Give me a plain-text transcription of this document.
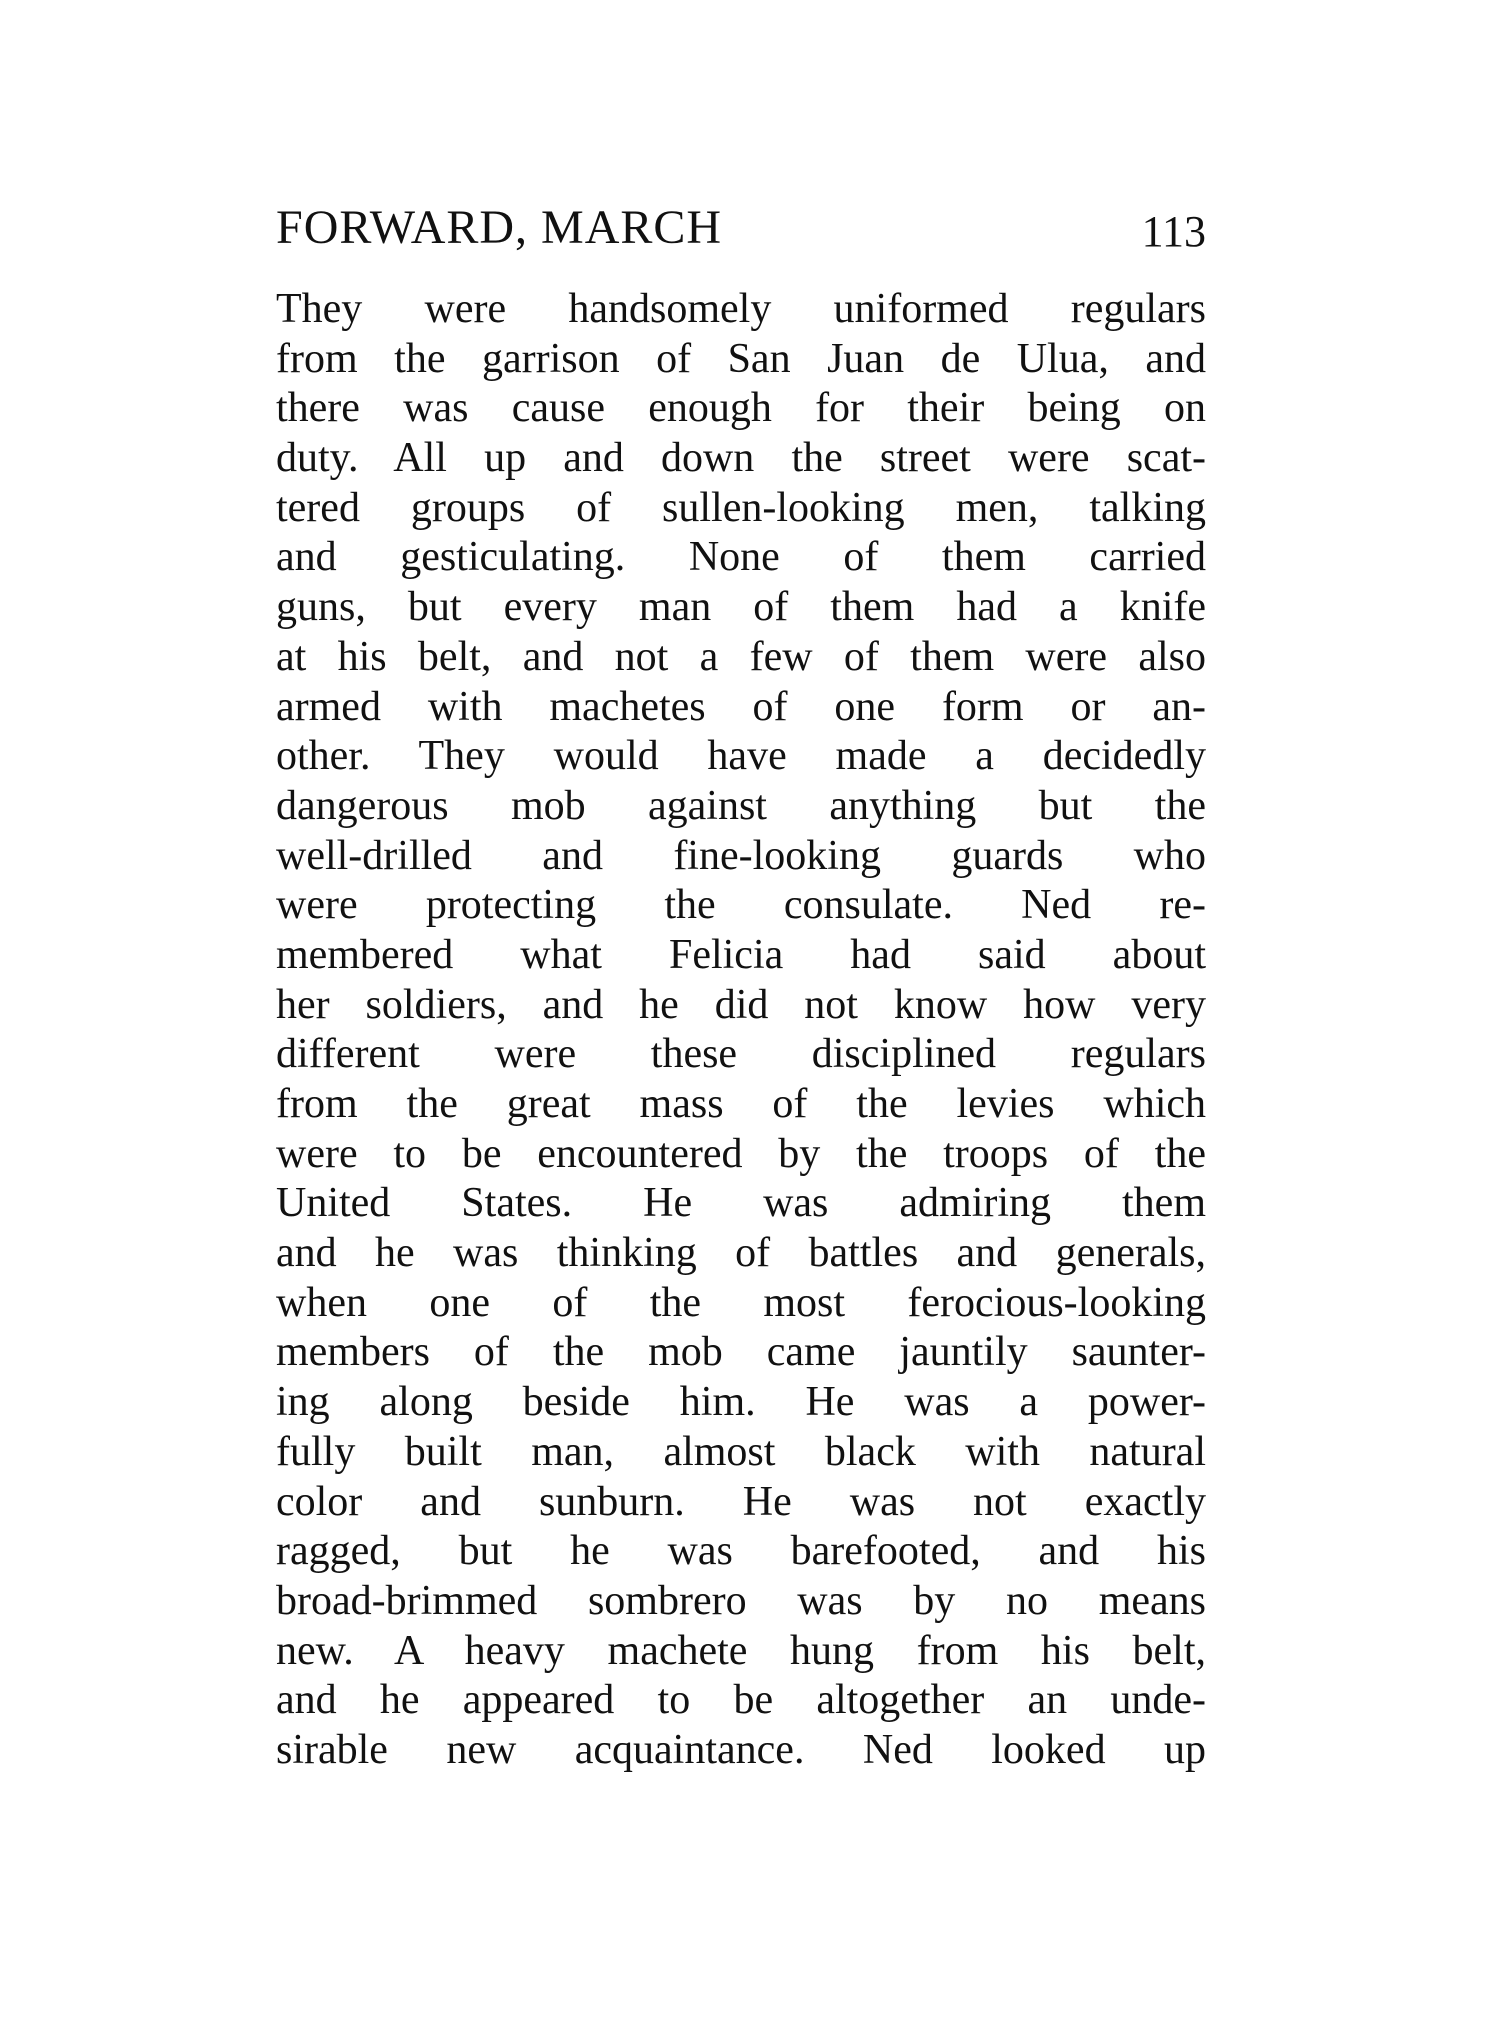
FORWARD, MARCH	113
They were handsomely uniformed regulars
from the garrison of San Juan de Ulua, and
there was cause enough for their being on
duty. All up and down the street were scat-
tered groups of sullen-looking men, talking
and gesticulating. None of them carried
guns, but every man of them had a knife
at his belt, and not a few of them were also
armed with machetes of one form or an-
other. They would have made a decidedly
dangerous mob against anything but the
well-drilled and fine-looking guards who
were protecting the consulate. Ned re-
membered what Felicia had said about
her soldiers, and he did not know how very
different were these disciplined regulars
from the great mass of the levies which
were to be encountered by the troops of the
United States. He was admiring them
and he was thinking of battles and generals,
when one of the most ferocious-looking
members of the mob came jauntily saunter-
ing along beside him. He was a power-
fully built man, almost black with natural
color and sunburn. He was not exactly
ragged, but he was barefooted, and his
broad-brimmed sombrero was by no means
new. A heavy machete hung from his belt,
and he appeared to be altogether an unde-
sirable new acquaintance. Ned looked up
